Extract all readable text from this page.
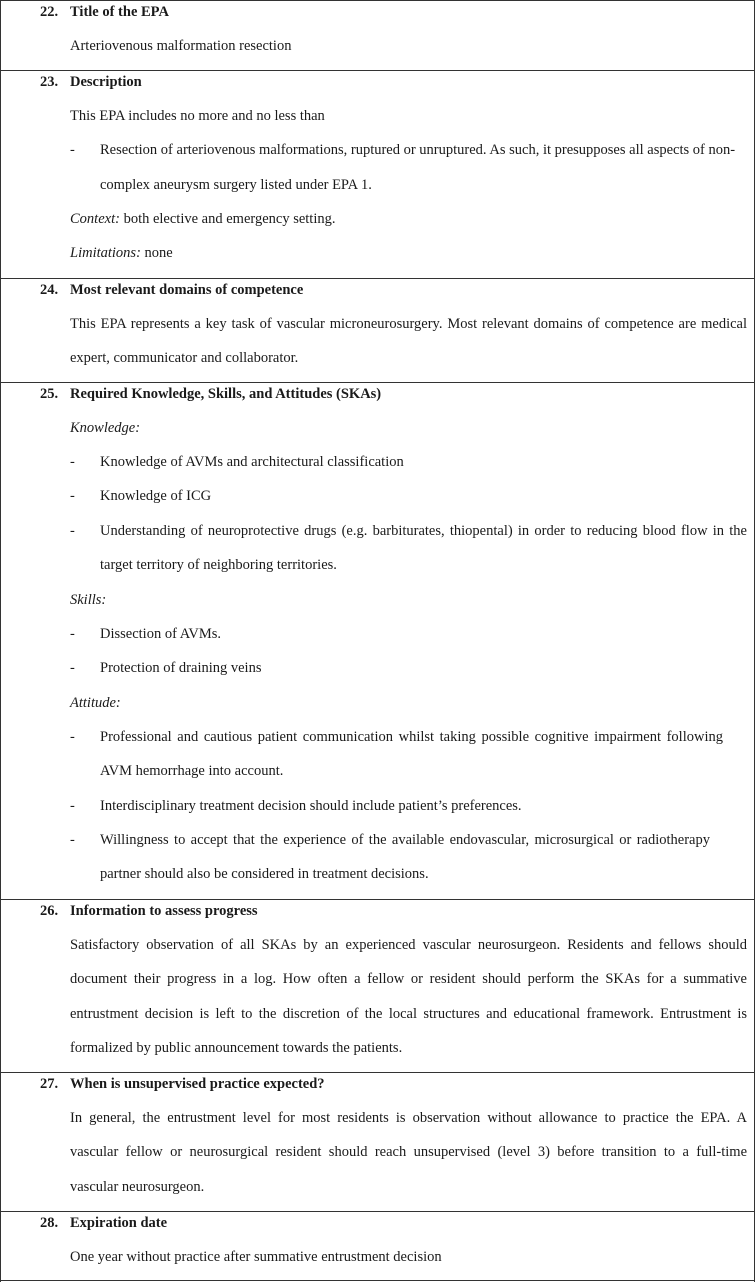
22. Title of the EPA
Arteriovenous malformation resection
23. Description
This EPA includes no more and no less than
- Resection of arteriovenous malformations, ruptured or unruptured. As such, it presupposes all aspects of non-
complex aneurysm surgery listed under EPA 1.
Context: both elective and emergency setting.
Limitations: none
24. Most relevant domains of competence
This EPA represents a key task of vascular microneurosurgery. Most relevant domains of competence are medical
expert, communicator and collaborator.
25. Required Knowledge, Skills, and Attitudes (SKAs)
Knowledge:
- Knowledge of AVMs and architectural classification
- Knowledge of ICG
- Understanding of neuroprotective drugs (e.g. barbiturates, thiopental) in order to reducing blood flow in the
target territory of neighboring territories.
Skills:
- Dissection of AVMs.
- Protection of draining veins
Attitude:
- Professional and cautious patient communication whilst taking possible cognitive impairment following
AVM hemorrhage into account.
- Interdisciplinary treatment decision should include patient’s preferences.
- Willingness to accept that the experience of the available endovascular, microsurgical or radiotherapy
partner should also be considered in treatment decisions.
26. Information to assess progress
Satisfactory observation of all SKAs by an experienced vascular neurosurgeon. Residents and fellows should
document their progress in a log. How often a fellow or resident should perform the SKAs for a summative
entrustment decision is left to the discretion of the local structures and educational framework. Entrustment is
formalized by public announcement towards the patients.
27. When is unsupervised practice expected?
In general, the entrustment level for most residents is observation without allowance to practice the EPA. A
vascular fellow or neurosurgical resident should reach unsupervised (level 3) before transition to a full-time
vascular neurosurgeon.
28. Expiration date
One year without practice after summative entrustment decision
